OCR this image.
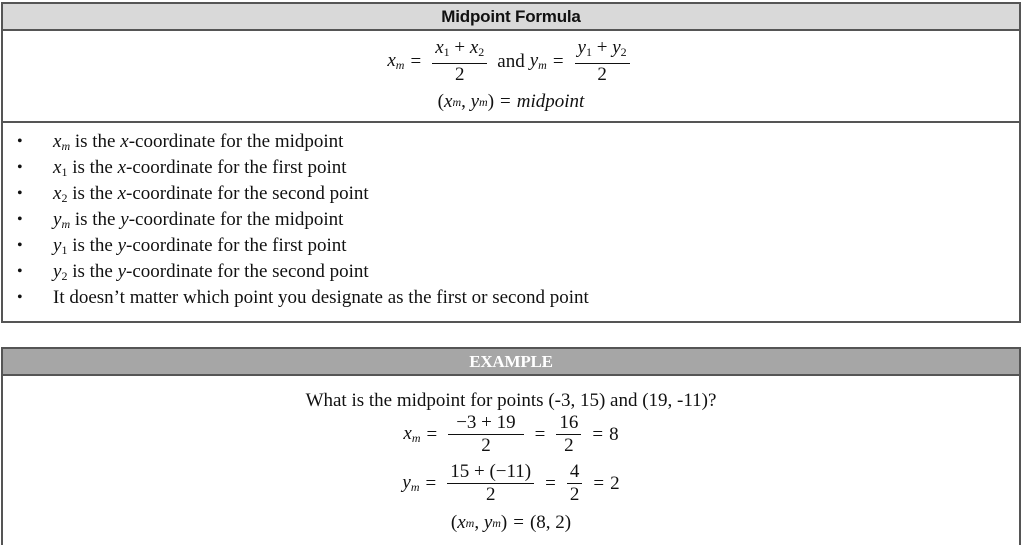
Midpoint Formula
$x_m = \frac{x_1 + x_2}{2}$ and $y_m = \frac{y_1 + y_2}{2}$
( x m ,
y m ) = midpoint
• $x_m$ is the x-coordinate for the midpoint
• $x_1$ is the x-coordinate for the first point
• $x_2$ is the x-coordinate for the second point
• $y_m$ is the y-coordinate for the midpoint
• $y_1$ is the y-coordinate for the first point
• $y_2$ is the y-coordinate for the second point
• It doesn’t matter which point you designate as the first or second point
EXAMPLE
What is the midpoint for points (-3, 15) and (19, -11)?
$x_m = \frac{-3 + 19}{2} = \frac{16}{2} = 8$
$y_m = \frac{15 + (-11)}{2} = \frac{4}{2} = 2$
( x m ,
y m ) = (8, 2)
